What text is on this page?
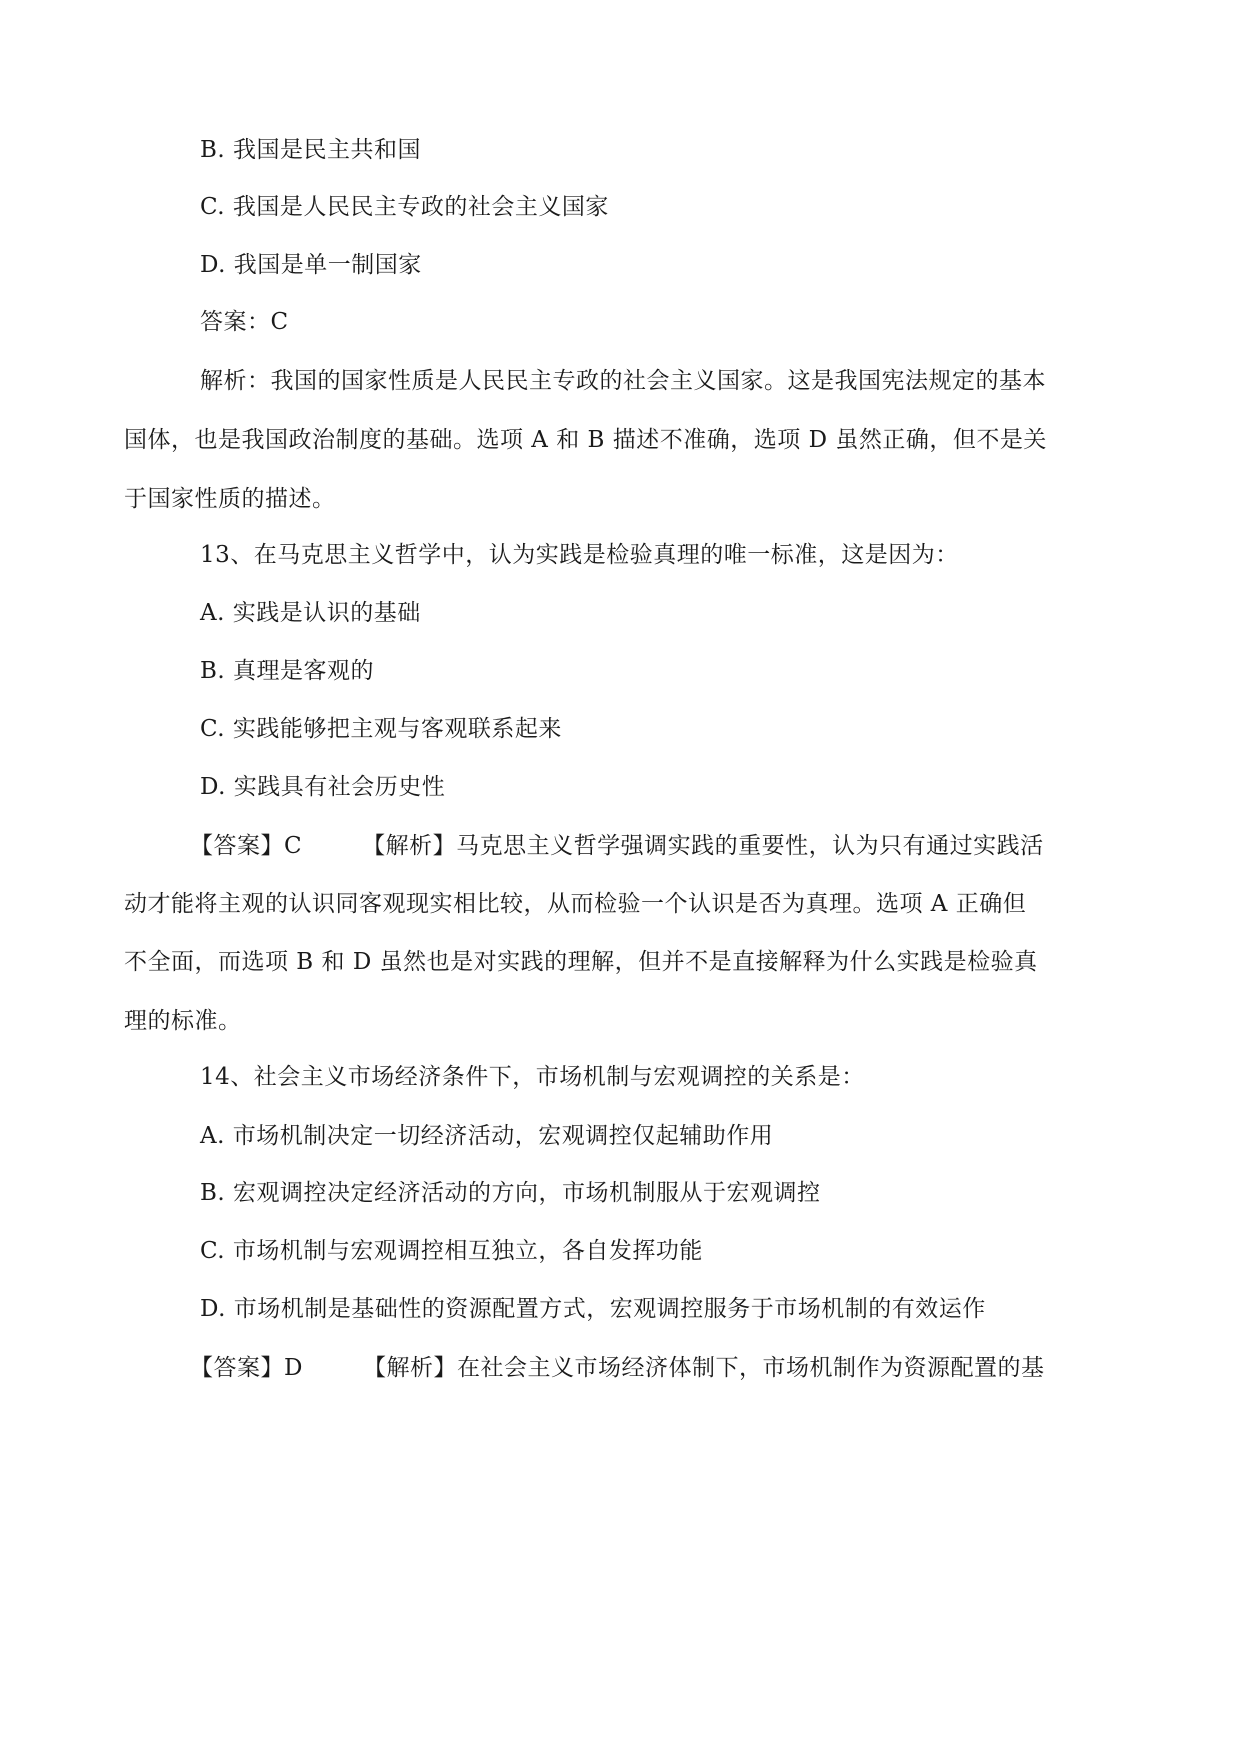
B. 我国是民主共和国
C. 我国是人民民主专政的社会主义国家
D. 我国是单一制国家
答案：C
解析：我国的国家性质是人民民主专政的社会主义国家。这是我国宪法规定的基本
国体，也是我国政治制度的基础。选项 A 和 B 描述不准确，选项 D 虽然正确，但不是关
于国家性质的描述。
13、在马克思主义哲学中，认为实践是检验真理的唯一标准，这是因为：
A. 实践是认识的基础
B. 真理是客观的
C. 实践能够把主观与客观联系起来
D. 实践具有社会历史性
【答案】C	【解析】马克思主义哲学强调实践的重要性，认为只有通过实践活
动才能将主观的认识同客观现实相比较，从而检验一个认识是否为真理。选项 A 正确但
不全面，而选项 B 和 D 虽然也是对实践的理解，但并不是直接解释为什么实践是检验真
理的标准。
14、社会主义市场经济条件下，市场机制与宏观调控的关系是：
A. 市场机制决定一切经济活动，宏观调控仅起辅助作用
B. 宏观调控决定经济活动的方向，市场机制服从于宏观调控
C. 市场机制与宏观调控相互独立，各自发挥功能
D. 市场机制是基础性的资源配置方式，宏观调控服务于市场机制的有效运作
【答案】D	【解析】在社会主义市场经济体制下，市场机制作为资源配置的基
